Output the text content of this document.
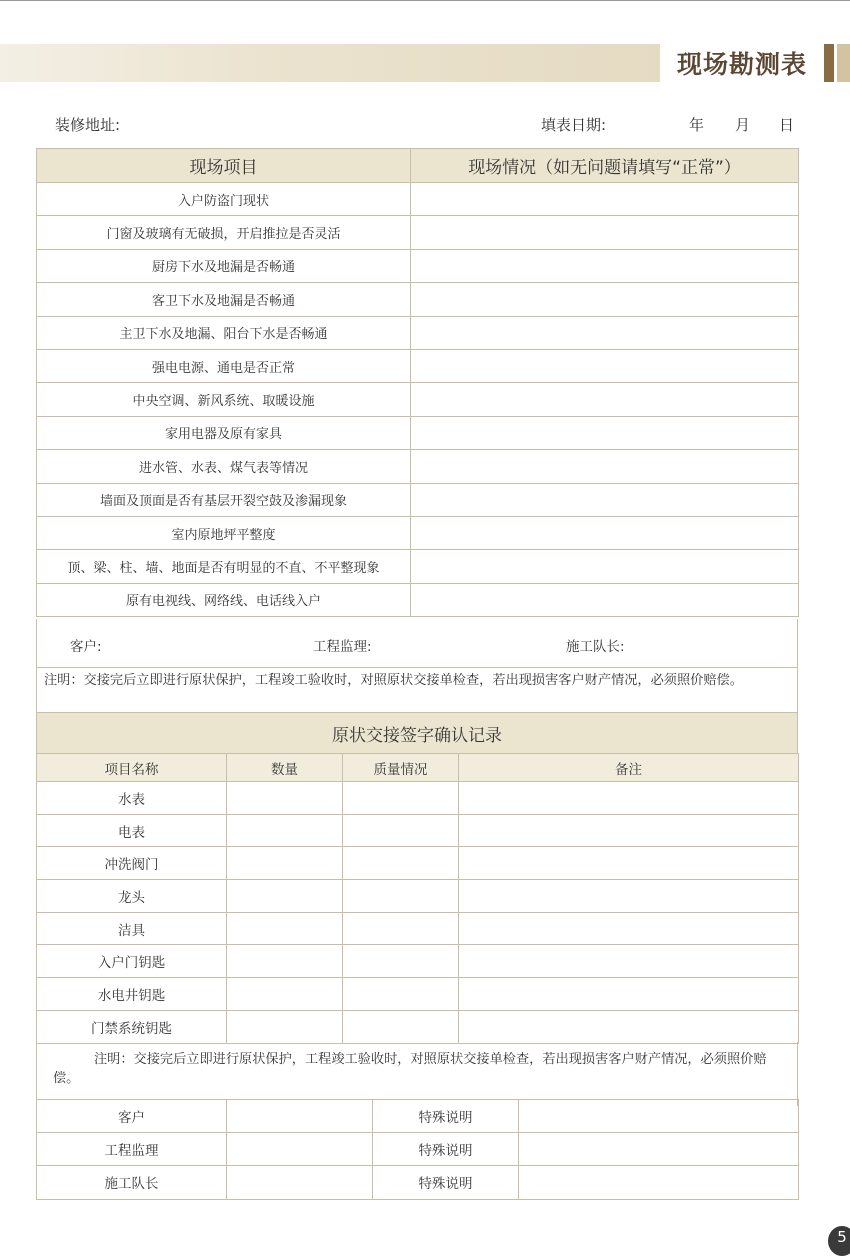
现场勘测表
装修地址:	填表日期:	年 月 日
现场项目	现场情况（如无问题请填写“正常”）
入户防盗门现状	
门窗及玻璃有无破损，开启推拉是否灵活	
厨房下水及地漏是否畅通	
客卫下水及地漏是否畅通	
主卫下水及地漏、阳台下水是否畅通	
强电电源、通电是否正常	
中央空调、新风系统、取暖设施	
家用电器及原有家具	
进水管、水表、煤气表等情况	
墙面及顶面是否有基层开裂空鼓及渗漏现象	
室内原地坪平整度	
顶、梁、柱、墙、地面是否有明显的不直、不平整现象	
原有电视线、网络线、电话线入户	
客户:	工程监理:	施工队长:
注明：交接完后立即进行原状保护，工程竣工验收时，对照原状交接单检查，若出现损害客户财产情况，必须照价赔偿。
原状交接签字确认记录
项目名称	数量	质量情况	备注
水表			
电表			
冲洗阀门			
龙头			
洁具			
入户门钥匙			
水电井钥匙			
门禁系统钥匙			
注明：交接完后立即进行原状保护，工程竣工验收时，对照原状交接单检查，若出现损害客户财产情况，必须照价赔偿。
客户		特殊说明	
工程监理		特殊说明	
施工队长		特殊说明	
5
